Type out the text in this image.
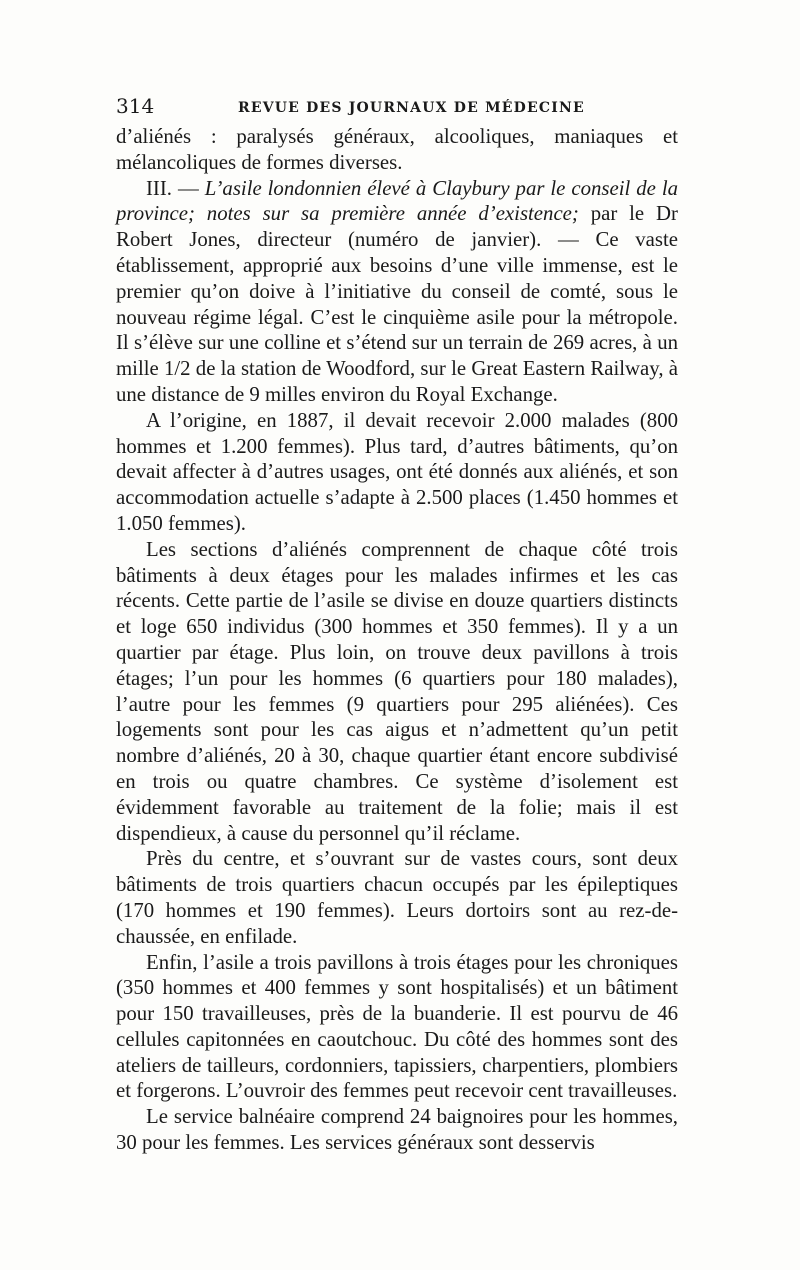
314	REVUE DES JOURNAUX DE MÉDECINE

d’aliénés : paralysés généraux, alcooliques, maniaques et mélancoliques de formes diverses.

III. — L’asile londonnien élevé à Claybury par le conseil de la province; notes sur sa première année d’existence; par le Dr Robert Jones, directeur (numéro de janvier). — Ce vaste établissement, approprié aux besoins d’une ville immense, est le premier qu’on doive à l’initiative du conseil de comté, sous le nouveau régime légal. C’est le cinquième asile pour la métropole. Il s’élève sur une colline et s’étend sur un terrain de 269 acres, à un mille 1/2 de la station de Woodford, sur le Great Eastern Railway, à une distance de 9 milles environ du Royal Exchange.

A l’origine, en 1887, il devait recevoir 2.000 malades (800 hommes et 1.200 femmes). Plus tard, d’autres bâtiments, qu’on devait affecter à d’autres usages, ont été donnés aux aliénés, et son accommodation actuelle s’adapte à 2.500 places (1.450 hommes et 1.050 femmes).

Les sections d’aliénés comprennent de chaque côté trois bâtiments à deux étages pour les malades infirmes et les cas récents. Cette partie de l’asile se divise en douze quartiers distincts et loge 650 individus (300 hommes et 350 femmes). Il y a un quartier par étage. Plus loin, on trouve deux pavillons à trois étages; l’un pour les hommes (6 quartiers pour 180 malades), l’autre pour les femmes (9 quartiers pour 295 aliénées). Ces logements sont pour les cas aigus et n’admettent qu’un petit nombre d’aliénés, 20 à 30, chaque quartier étant encore subdivisé en trois ou quatre chambres. Ce système d’isolement est évidemment favorable au traitement de la folie; mais il est dispendieux, à cause du personnel qu’il réclame.

Près du centre, et s’ouvrant sur de vastes cours, sont deux bâtiments de trois quartiers chacun occupés par les épileptiques (170 hommes et 190 femmes). Leurs dortoirs sont au rez-de-chaussée, en enfilade.

Enfin, l’asile a trois pavillons à trois étages pour les chroniques (350 hommes et 400 femmes y sont hospitalisés) et un bâtiment pour 150 travailleuses, près de la buanderie. Il est pourvu de 46 cellules capitonnées en caoutchouc. Du côté des hommes sont des ateliers de tailleurs, cordonniers, tapissiers, charpentiers, plombiers et forgerons. L’ouvroir des femmes peut recevoir cent travailleuses.

Le service balnéaire comprend 24 baignoires pour les hommes, 30 pour les femmes. Les services généraux sont desservis
